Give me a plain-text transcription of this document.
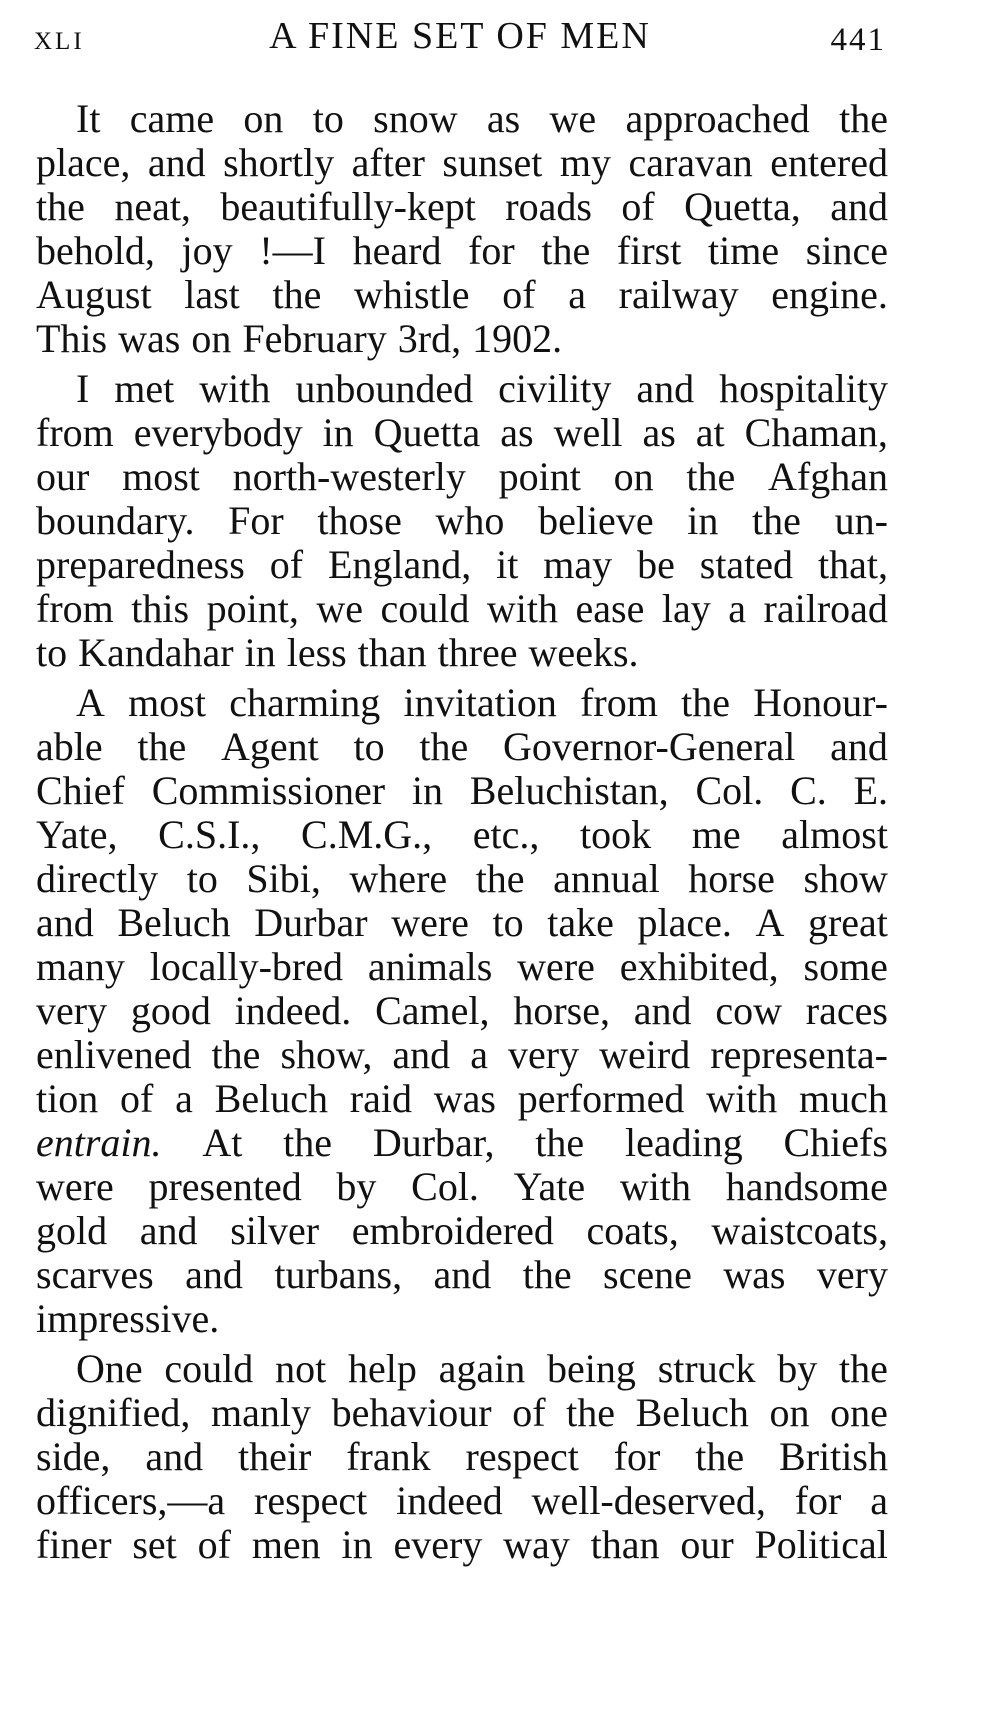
XLI	A FINE SET OF MEN	441
It came on to snow as we approached the
place, and shortly after sunset my caravan entered
the neat, beautifully-kept roads of Quetta, and
behold, joy !—I heard for the first time since
August last the whistle of a railway engine.
This was on February 3rd, 1902.
I met with unbounded civility and hospitality
from everybody in Quetta as well as at Chaman,
our most north-westerly point on the Afghan
boundary. For those who believe in the un-
preparedness of England, it may be stated that,
from this point, we could with ease lay a railroad
to Kandahar in less than three weeks.
A most charming invitation from the Honour-
able the Agent to the Governor-General and
Chief Commissioner in Beluchistan, Col. C. E.
Yate, C.S.I., C.M.G., etc., took me almost
directly to Sibi, where the annual horse show
and Beluch Durbar were to take place. A great
many locally-bred animals were exhibited, some
very good indeed. Camel, horse, and cow races
enlivened the show, and a very weird representa-
tion of a Beluch raid was performed with much
entrain. At the Durbar, the leading Chiefs
were presented by Col. Yate with handsome
gold and silver embroidered coats, waistcoats,
scarves and turbans, and the scene was very
impressive.
One could not help again being struck by the
dignified, manly behaviour of the Beluch on one
side, and their frank respect for the British
officers,—a respect indeed well-deserved, for a
finer set of men in every way than our Political
